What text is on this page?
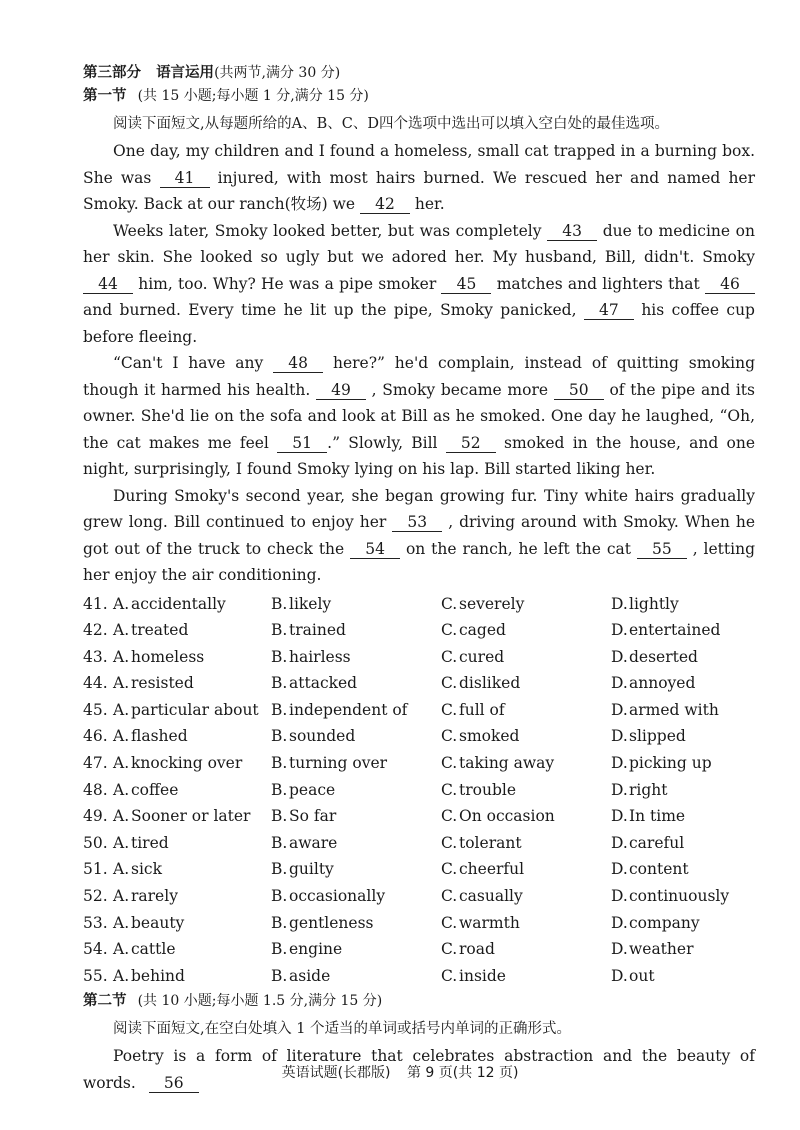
第三部分 语言运用(共两节,满分 30 分)
第一节 (共 15 小题;每小题 1 分,满分 15 分)
阅读下面短文,从每题所给的A、B、C、D四个选项中选出可以填入空白处的最佳选项。

One day, my children and I found a homeless, small cat trapped in a burning box. She was 41 injured, with most hairs burned. We rescued her and named her Smoky. Back at our ranch(牧场) we 42 her.

Weeks later, Smoky looked better, but was completely 43 due to medicine on her skin. She looked so ugly but we adored her. My husband, Bill, didn't. Smoky 44 him, too. Why? He was a pipe smoker 45 matches and lighters that 46 and burned. Every time he lit up the pipe, Smoky panicked, 47 his coffee cup before fleeing.

“Can't I have any 48 here?” he'd complain, instead of quitting smoking though it harmed his health. 49 , Smoky became more 50 of the pipe and its owner. She'd lie on the sofa and look at Bill as he smoked. One day he laughed, “Oh, the cat makes me feel 51 .” Slowly, Bill 52 smoked in the house, and one night, surprisingly, I found Smoky lying on his lap. Bill started liking her.

During Smoky's second year, she began growing fur. Tiny white hairs gradually grew long. Bill continued to enjoy her 53 , driving around with Smoky. When he got out of the truck to check the 54 on the ranch, he left the cat 55 , letting her enjoy the air conditioning.

41. A. accidentally	B. likely	C. severely	D.lightly
42. A. treated	B. trained	C. caged	D.entertained
43. A. homeless	B. hairless	C. cured	D.deserted
44. A. resisted	B. attacked	C. disliked	D.annoyed
45. A. particular about B. independent of	C. full of	D.armed with
46. A. flashed	B. sounded	C. smoked	D.slipped
47. A. knocking over	B. turning over	C. taking away	D.picking up
48. A. coffee	B. peace	C. trouble	D.right
49. A. Sooner or later	B. So far	C. On occasion	D.In time
50. A. tired	B. aware	C. tolerant	D.careful
51. A. sick	B. guilty	C. cheerful	D.content
52. A. rarely	B. occasionally	C. casually	D.continuously
53. A. beauty	B. gentleness	C. warmth	D.company
54. A. cattle	B. engine	C. road	D.weather
55. A. behind	B. aside	C. inside	D.out
第二节 (共 10 小题;每小题 1.5 分,满分 15 分)
阅读下面短文,在空白处填入 1 个适当的单词或括号内单词的正确形式。

Poetry is a form of literature that celebrates abstraction and the beauty of words. 56

英语试题(长郡版) 第 9 页(共 12 页)
